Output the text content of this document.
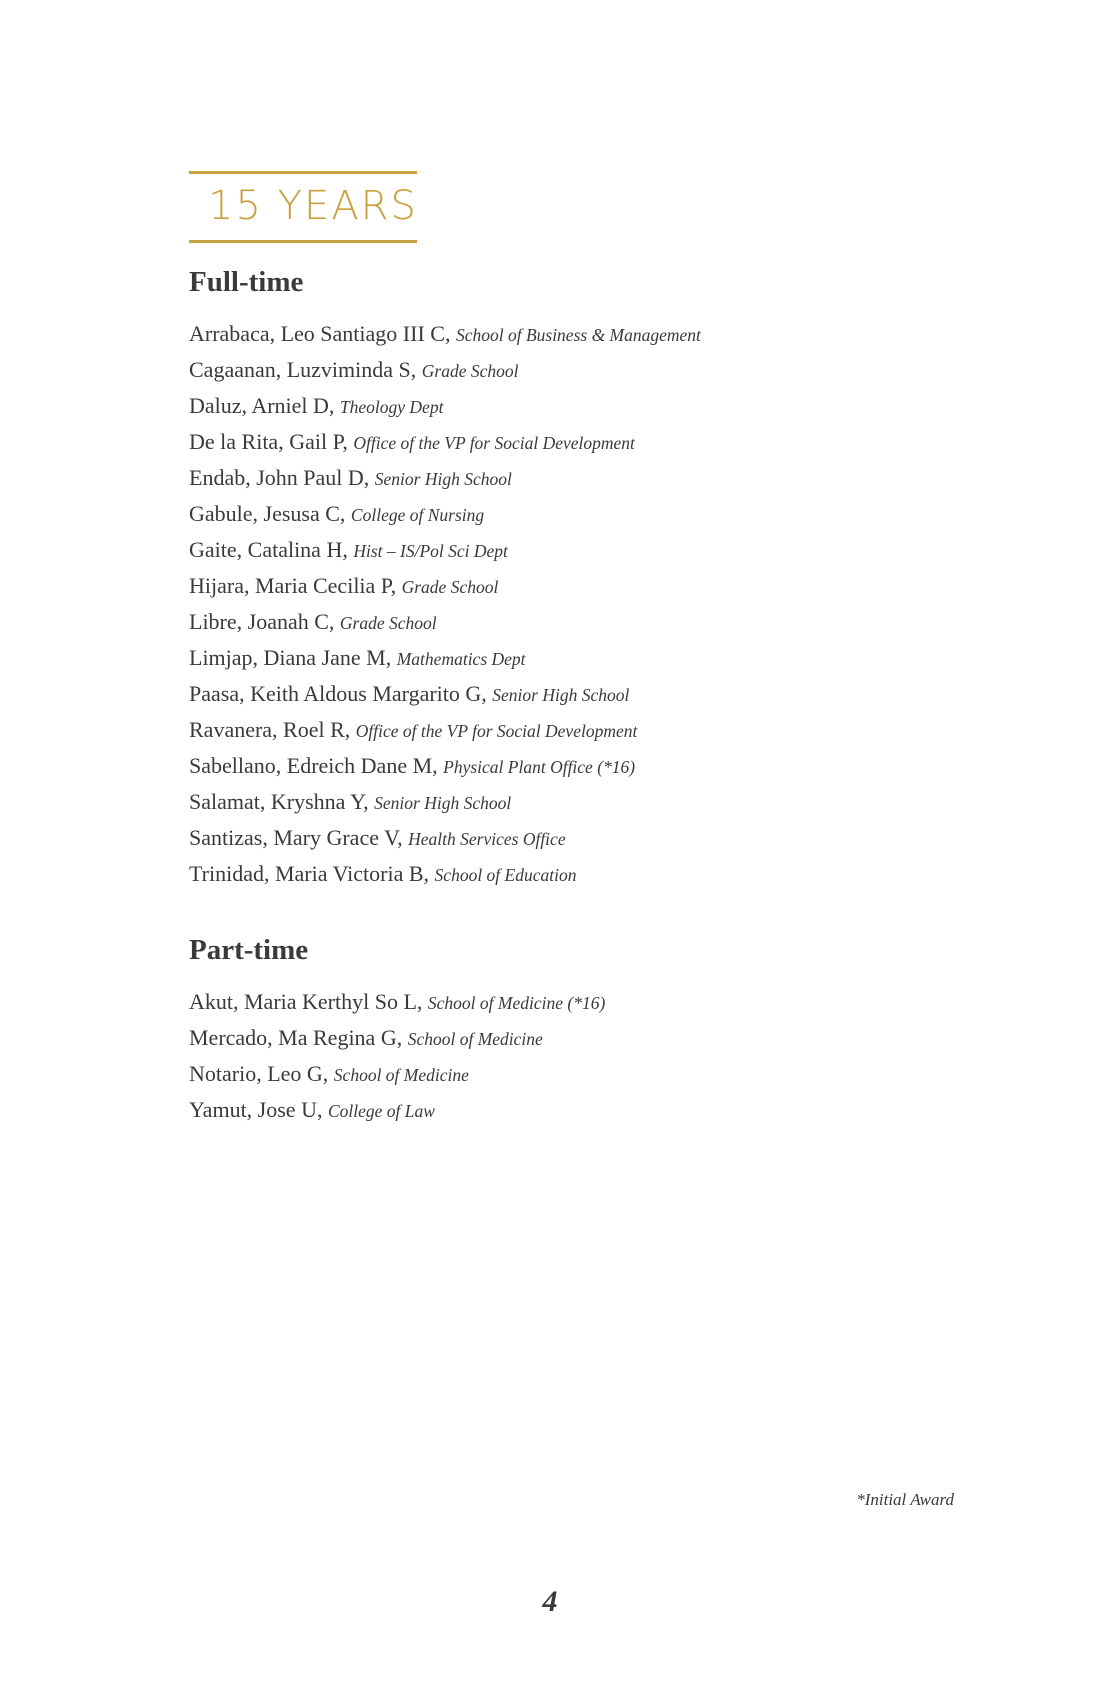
15 YEARS
Full-time
Arrabaca, Leo Santiago III C, School of Business & Management
Cagaanan, Luzviminda S, Grade School
Daluz, Arniel D, Theology Dept
De la Rita, Gail P, Office of the VP for Social Development
Endab, John Paul D, Senior High School
Gabule, Jesusa C, College of Nursing
Gaite, Catalina H, Hist – IS/Pol Sci Dept
Hijara, Maria Cecilia P, Grade School
Libre, Joanah C, Grade School
Limjap, Diana Jane M, Mathematics Dept
Paasa, Keith Aldous Margarito G, Senior High School
Ravanera, Roel R, Office of the VP for Social Development
Sabellano, Edreich Dane M, Physical Plant Office (*16)
Salamat, Kryshna Y, Senior High School
Santizas, Mary Grace V, Health Services Office
Trinidad, Maria Victoria B, School of Education
Part-time
Akut, Maria Kerthyl So L, School of Medicine (*16)
Mercado, Ma Regina G, School of Medicine
Notario, Leo G, School of Medicine
Yamut, Jose U, College of Law
*Initial Award
4
